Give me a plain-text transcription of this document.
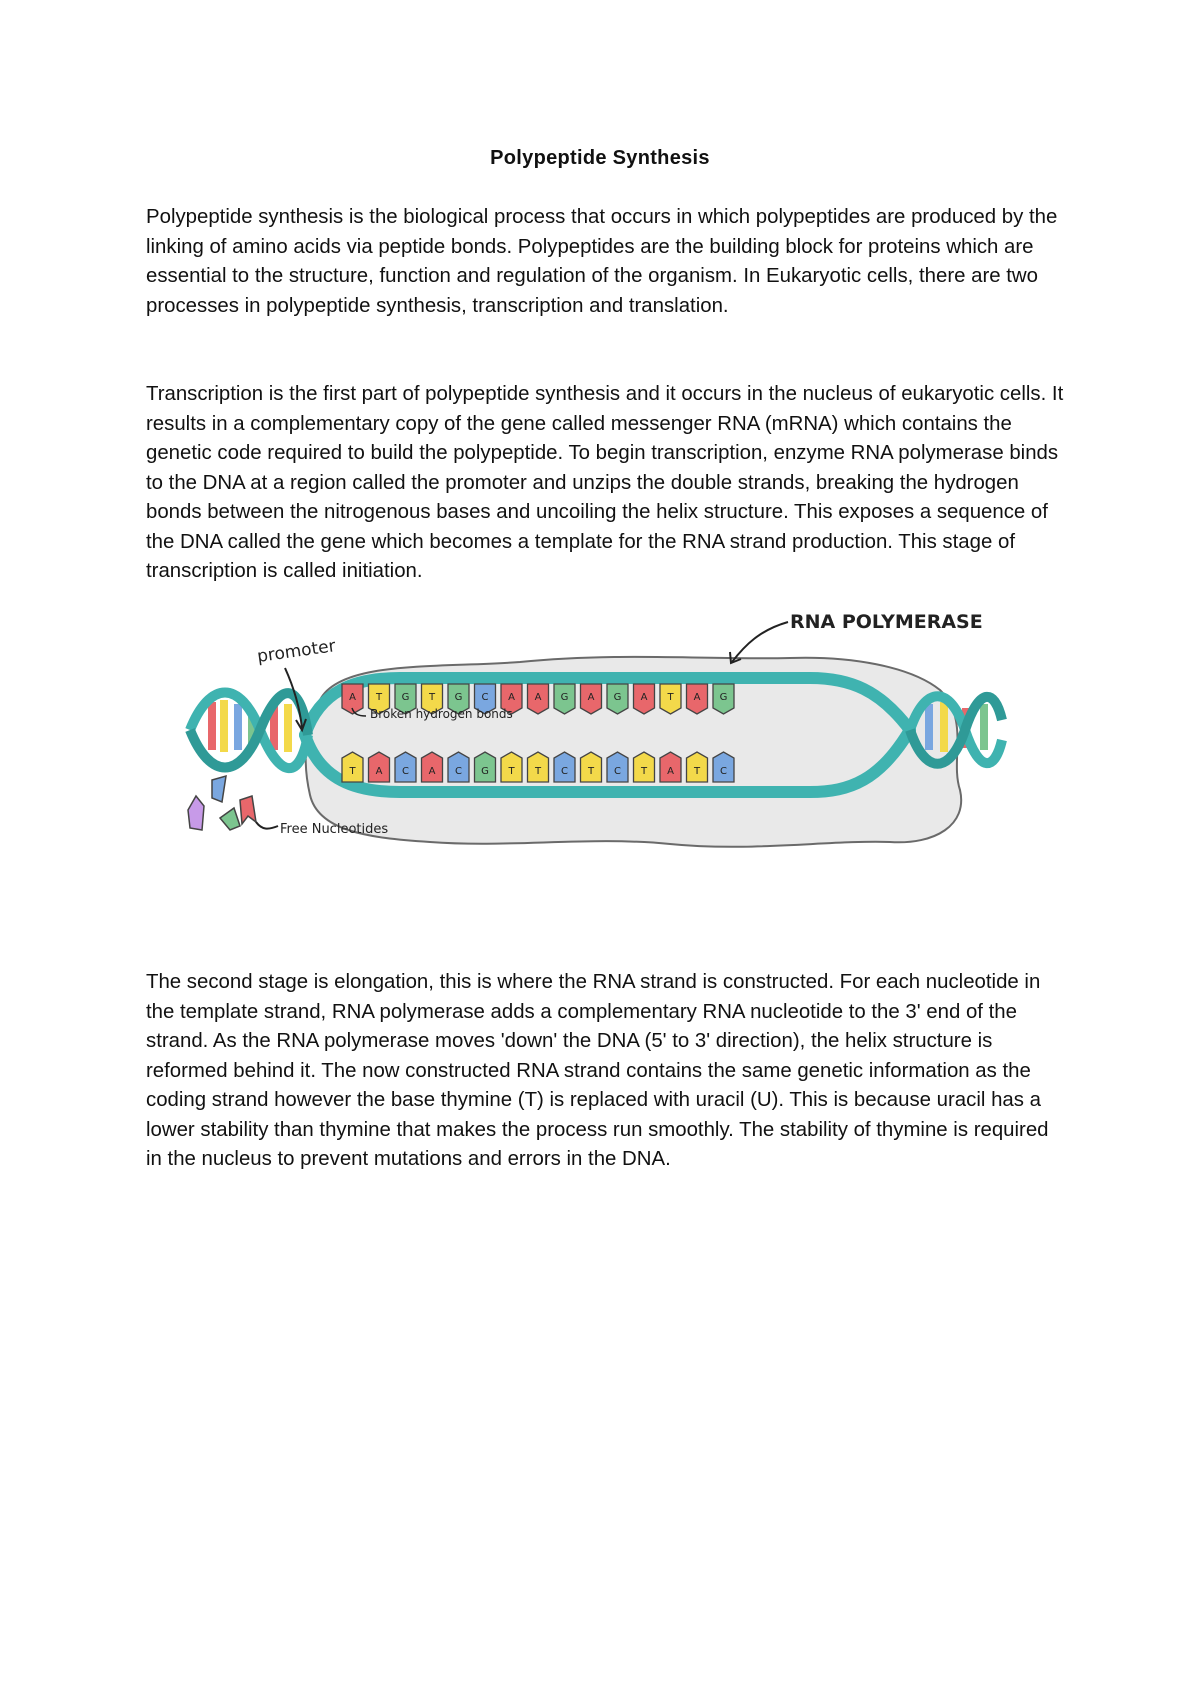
Polypeptide Synthesis

Polypeptide synthesis is the biological process that occurs in which polypeptides are produced by the linking of amino acids via peptide bonds. Polypeptides are the building block for proteins which are essential to the structure, function and regulation of the organism. In Eukaryotic cells, there are two processes in polypeptide synthesis, transcription and translation.

Transcription is the first part of polypeptide synthesis and it occurs in the nucleus of eukaryotic cells. It results in a complementary copy of the gene called messenger RNA (mRNA) which contains the genetic code required to build the polypeptide. To begin transcription, enzyme RNA polymerase binds to the DNA at a region called the promoter and unzips the double strands, breaking the hydrogen bonds between the nitrogenous bases and uncoiling the helix structure. This exposes a sequence of the DNA called the gene which becomes a template for the RNA strand production. This stage of transcription is called initiation.

A T G T G C A A G A G A T A G
T A C A C G T T C T C T A T C
promoter
RNA POLYMERASE
Broken hydrogen bonds
Free Nucleotides

The second stage is elongation, this is where the RNA strand is constructed. For each nucleotide in the template strand, RNA polymerase adds a complementary RNA nucleotide to the 3' end of the strand. As the RNA polymerase moves 'down' the DNA (5' to 3' direction), the helix structure is reformed behind it. The now constructed RNA strand contains the same genetic information as the coding strand however the base thymine (T) is replaced with uracil (U). This is because uracil has a lower stability than thymine that makes the process run smoothly. The stability of thymine is required in the nucleus to prevent mutations and errors in the DNA.
